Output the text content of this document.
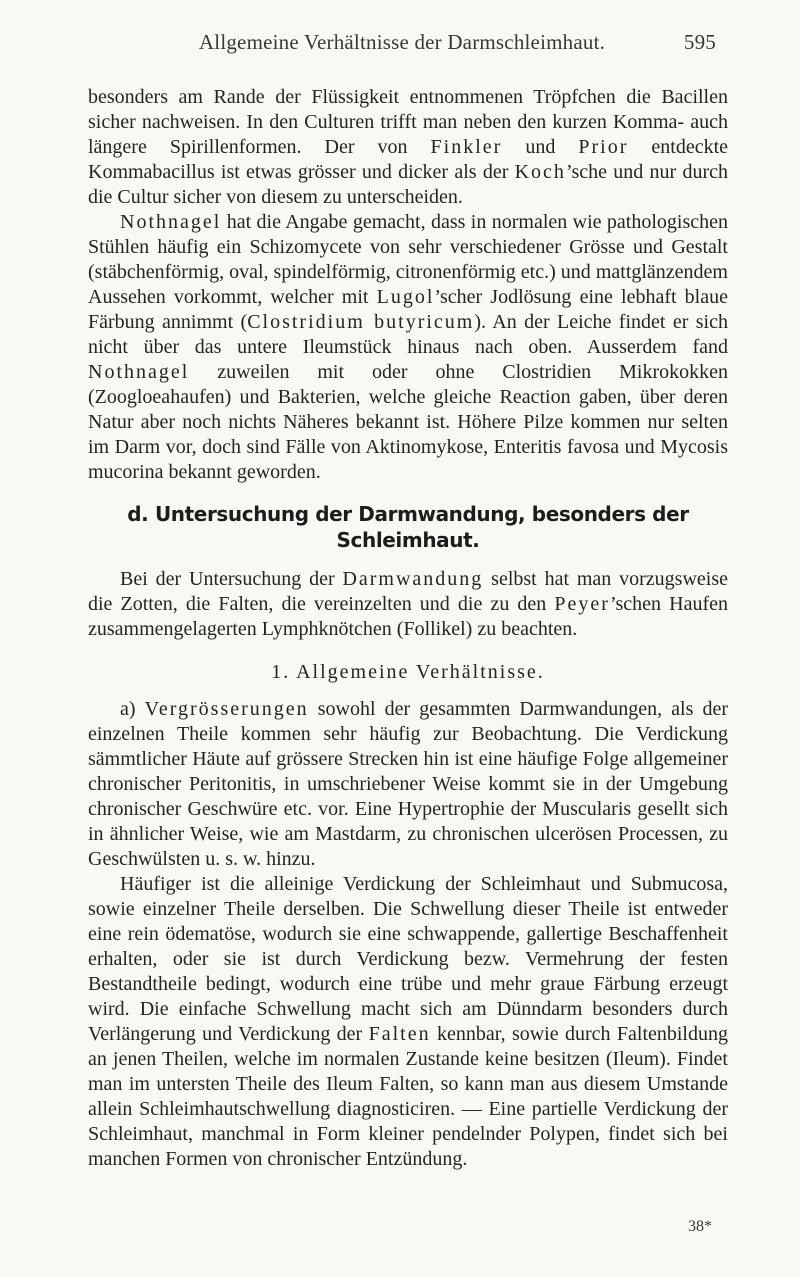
Allgemeine Verhältnisse der Darmschleimhaut.	595

besonders am Rande der Flüssigkeit entnommenen Tröpfchen die Bacillen sicher nachweisen. In den Culturen trifft man neben den kurzen Komma- auch längere Spirillenformen. Der von Finkler und Prior entdeckte Kommabacillus ist etwas grösser und dicker als der Koch’sche und nur durch die Cultur sicher von diesem zu unterscheiden.

Nothnagel hat die Angabe gemacht, dass in normalen wie pathologischen Stühlen häufig ein Schizomycete von sehr verschiedener Grösse und Gestalt (stäbchenförmig, oval, spindelförmig, citronenförmig etc.) und mattglänzendem Aussehen vorkommt, welcher mit Lugol’scher Jodlösung eine lebhaft blaue Färbung annimmt (Clostridium butyricum). An der Leiche findet er sich nicht über das untere Ileumstück hinaus nach oben. Ausserdem fand Nothnagel zuweilen mit oder ohne Clostridien Mikrokokken (Zoogloeahaufen) und Bakterien, welche gleiche Reaction gaben, über deren Natur aber noch nichts Näheres bekannt ist. Höhere Pilze kommen nur selten im Darm vor, doch sind Fälle von Aktinomykose, Enteritis favosa und Mycosis mucorina bekannt geworden.

d. Untersuchung der Darmwandung, besonders der Schleimhaut.

Bei der Untersuchung der Darmwandung selbst hat man vorzugsweise die Zotten, die Falten, die vereinzelten und die zu den Peyer’schen Haufen zusammengelagerten Lymphknötchen (Follikel) zu beachten.

1. Allgemeine Verhältnisse.

a) Vergrösserungen sowohl der gesammten Darmwandungen, als der einzelnen Theile kommen sehr häufig zur Beobachtung. Die Verdickung sämmtlicher Häute auf grössere Strecken hin ist eine häufige Folge allgemeiner chronischer Peritonitis, in umschriebener Weise kommt sie in der Umgebung chronischer Geschwüre etc. vor. Eine Hypertrophie der Muscularis gesellt sich in ähnlicher Weise, wie am Mastdarm, zu chronischen ulcerösen Processen, zu Geschwülsten u. s. w. hinzu.

Häufiger ist die alleinige Verdickung der Schleimhaut und Submucosa, sowie einzelner Theile derselben. Die Schwellung dieser Theile ist entweder eine rein ödematöse, wodurch sie eine schwappende, gallertige Beschaffenheit erhalten, oder sie ist durch Verdickung bezw. Vermehrung der festen Bestandtheile bedingt, wodurch eine trübe und mehr graue Färbung erzeugt wird. Die einfache Schwellung macht sich am Dünndarm besonders durch Verlängerung und Verdickung der Falten kennbar, sowie durch Faltenbildung an jenen Theilen, welche im normalen Zustande keine besitzen (Ileum). Findet man im untersten Theile des Ileum Falten, so kann man aus diesem Umstande allein Schleimhautschwellung diagnosticiren. — Eine partielle Verdickung der Schleimhaut, manchmal in Form kleiner pendelnder Polypen, findet sich bei manchen Formen von chronischer Entzündung.

38*
